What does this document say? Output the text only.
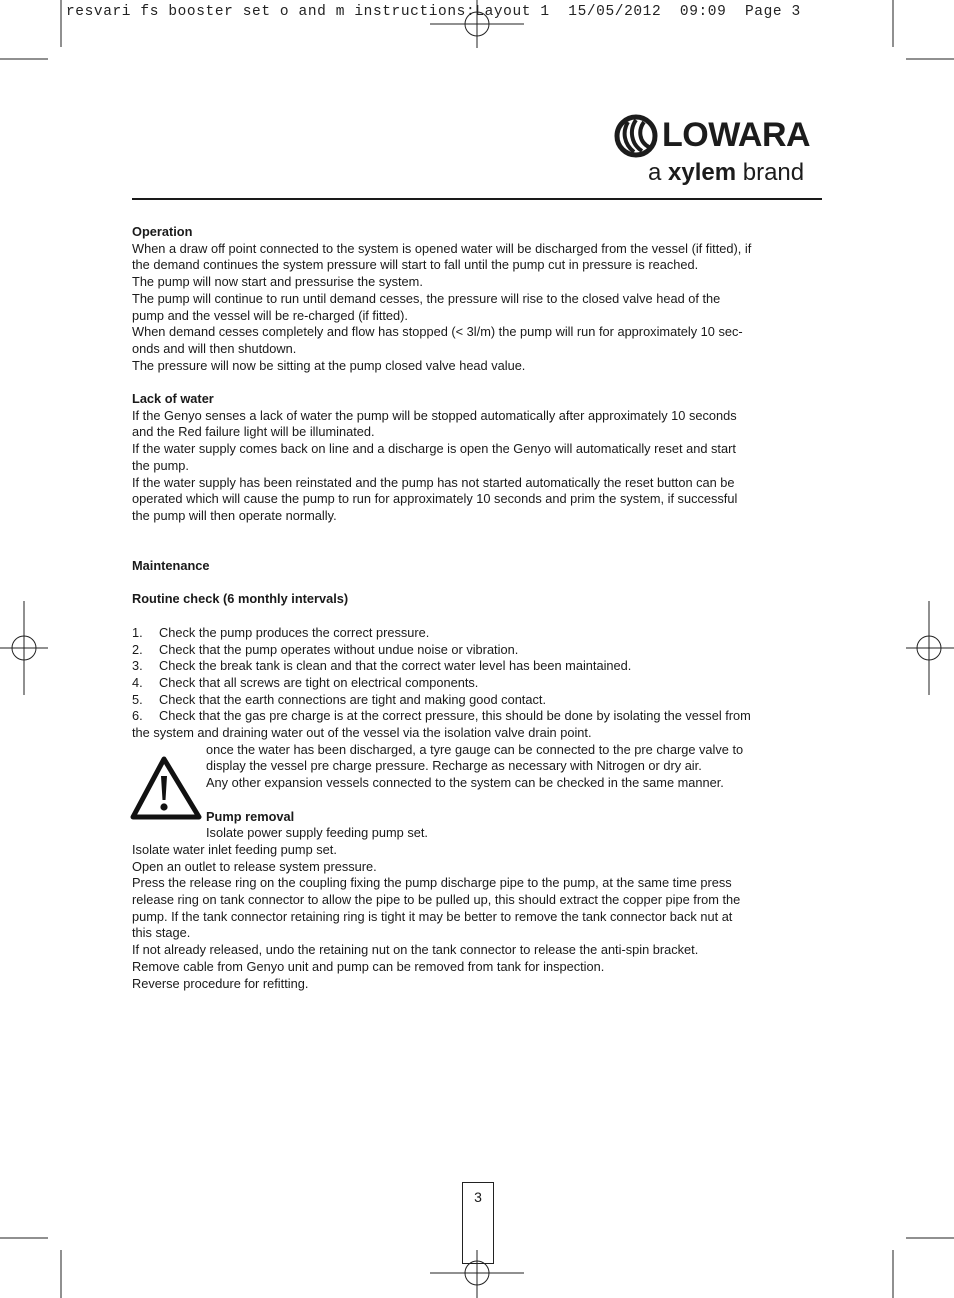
resvari fs booster set o and m instructions:Layout 1  15/05/2012  09:09  Page 3
LOWARA
a xylem brand

Operation

When a draw off point connected to the system is opened water will be discharged from the vessel (if fitted), if

the demand continues the system pressure will start to fall until the pump cut in pressure is reached.

The pump will now start and pressurise the system.

The pump will continue to run until demand cesses, the pressure will rise to the closed valve head of the

pump and the vessel will be re-charged (if fitted).

When demand cesses completely and flow has stopped (< 3l/m) the pump will run for approximately 10 sec-

onds and will then shutdown.

The pressure will now be sitting at the pump closed valve head value.

Lack of water

If the Genyo senses a lack of water the pump will be stopped automatically after approximately 10 seconds

and the Red failure light will be illuminated.

If the water supply comes back on line and a discharge is open the Genyo will automatically reset and start

the pump.

If the water supply has been reinstated and the pump has not started automatically the reset button can be

operated which will cause the pump to run for approximately 10 seconds and prim the system, if successful

the pump will then operate normally.

Maintenance

Routine check (6 monthly intervals)

1.	Check the pump produces the correct pressure.
2.	Check that the pump operates without undue noise or vibration.
3.	Check the break tank is clean and that the correct water level has been maintained.
4.	Check that all screws are tight on electrical components.
5.	Check that the earth connections are tight and making good contact.
6.	Check that the gas pre charge is at the correct pressure, this should be done by isolating the vessel from

the system and draining water out of the vessel via the isolation valve drain point.

once the water has been discharged, a tyre gauge can be connected to the pre charge valve to

display the vessel pre charge pressure. Recharge as necessary with Nitrogen or dry air.

Any other expansion vessels connected to the system can be checked in the same manner.

Pump removal

Isolate power supply feeding pump set.

Isolate water inlet feeding pump set.

Open an outlet to release system pressure.

Press the release ring on the coupling fixing the pump discharge pipe to the pump, at the same time press

release ring on tank connector to allow the pipe to be pulled up, this should extract the copper pipe from the

pump. If the tank connector retaining ring is tight it may be better to remove the tank connector back nut at

this stage.

If not already released, undo the retaining nut on the tank connector to release the anti-spin bracket.

Remove cable from Genyo unit and pump can be removed from tank for inspection.

Reverse procedure for refitting.

3
